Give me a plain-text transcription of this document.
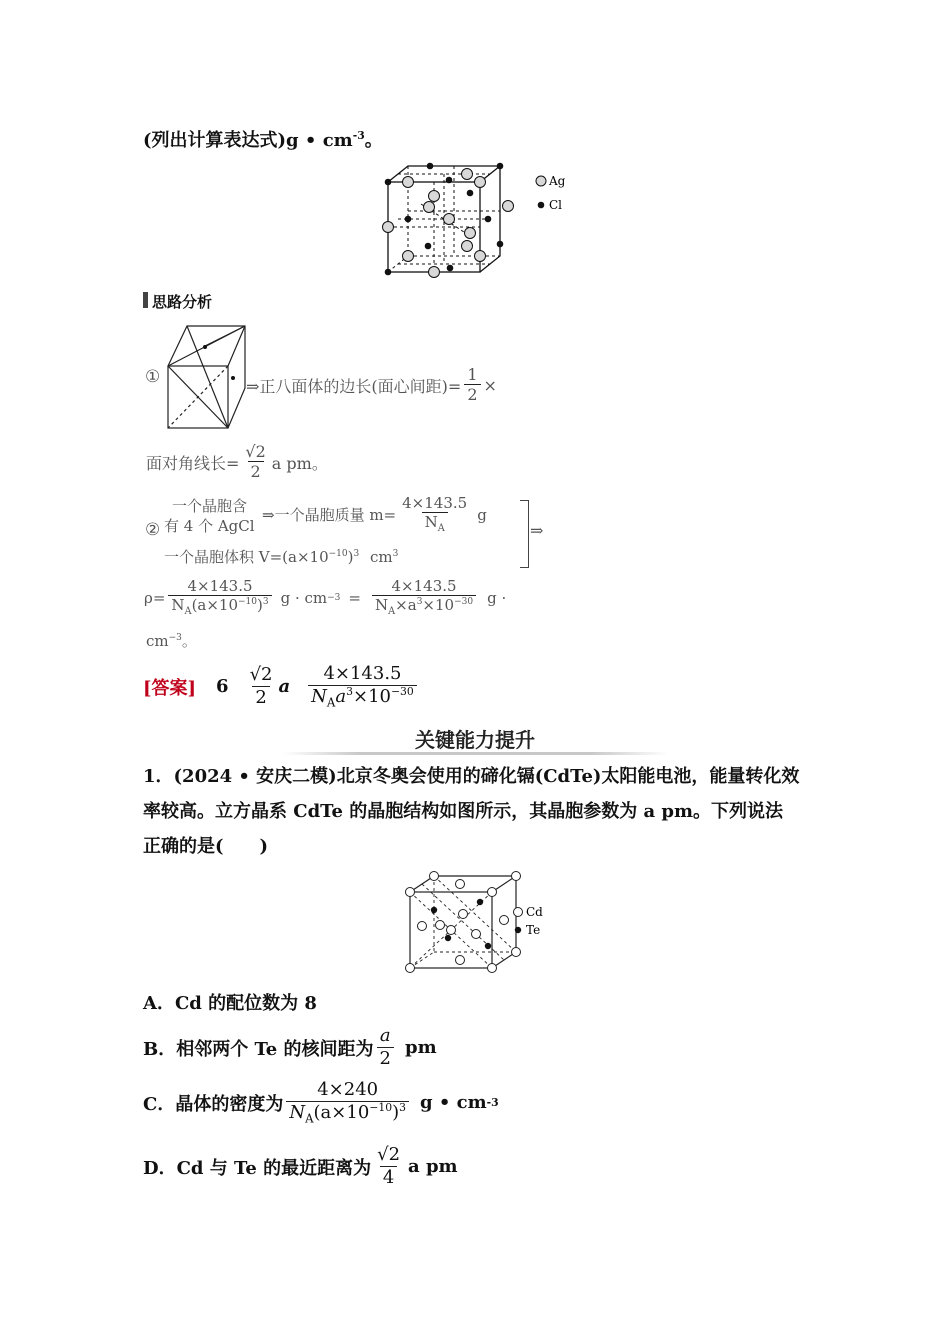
(列出计算表达式)g • $cm^{-3}$。
Ag
Cl
思路分析
①	⇒正八面体的边长(面心间距)= $\frac{1}{2}$ ×
面对角线长= $\frac{√2}{2}$ a pm。
②
一个晶胞含
有 4 个 AgCl
⇒一个晶胞质量 $m= \frac{4\times 143.5}{N_A}$ g
一个晶胞体积 $V=(a\times 10^{-10})^3$ $cm^3$
⇒
$\rho= \frac{4\times 143.5}{N_A(a\times 10^{-10})^3}$ g · cm $-3 = \frac{4\times 143.5}{N_A\times a^3\times 10^{-30}}$ g ·
$cm^{-3}$。
[答案] $6 \frac{√2}{2}$ a $\frac{4\times 143.5}{N_Aa^3\times 10^{-30}}$
关键能力提升
1．(2024 • 安庆二模)北京冬奥会使用的碲化镉(CdTe)太阳能电池，能量转化效
率较高。立方晶系 CdTe 的晶胞结构如图所示，其晶胞参数为 a pm。下列说法
正确的是(　　)
Cd
Te
A．Cd 的配位数为 8
B．相邻两个 Te 的核间距为 $\frac{a}{2}$ pm
C．晶体的密度为 $\frac{4\times 240}{N_A(a\times 10^{-10})^3}$ g • cm -3
D．Cd 与 Te 的最近距离为 $\frac{√2}{4}$ a pm
